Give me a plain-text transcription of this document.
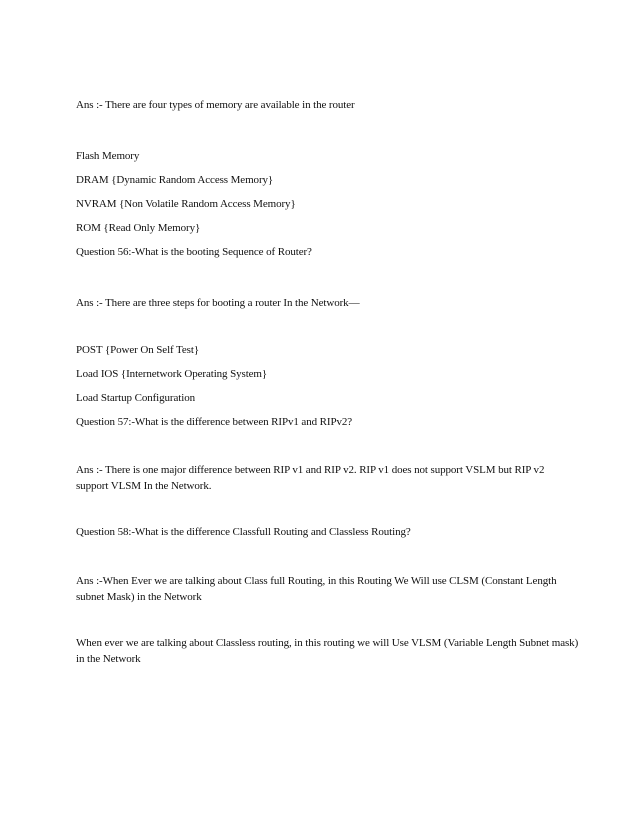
Ans :- There are four types of memory are available in the router
Flash Memory
DRAM {Dynamic Random Access Memory}
NVRAM {Non Volatile Random Access Memory}
ROM {Read Only Memory}
Question 56:-What is the booting Sequence of Router?
Ans :- There are three steps for booting a router In the Network—
POST {Power On Self Test}
Load IOS {Internetwork Operating System}
Load Startup Configuration
Question 57:-What is the difference between RIPv1 and RIPv2?
Ans :- There is one major difference between RIP v1 and RIP v2. RIP v1 does not support VSLM but RIP v2
support VLSM In the Network.
Question 58:-What is the difference Classfull Routing and Classless Routing?
Ans :-When Ever we are talking about Class full Routing, in this Routing We Will use CLSM (Constant Length
subnet Mask) in the Network
When ever we are talking about Classless routing, in this routing we will Use VLSM (Variable Length Subnet mask)
in the Network
